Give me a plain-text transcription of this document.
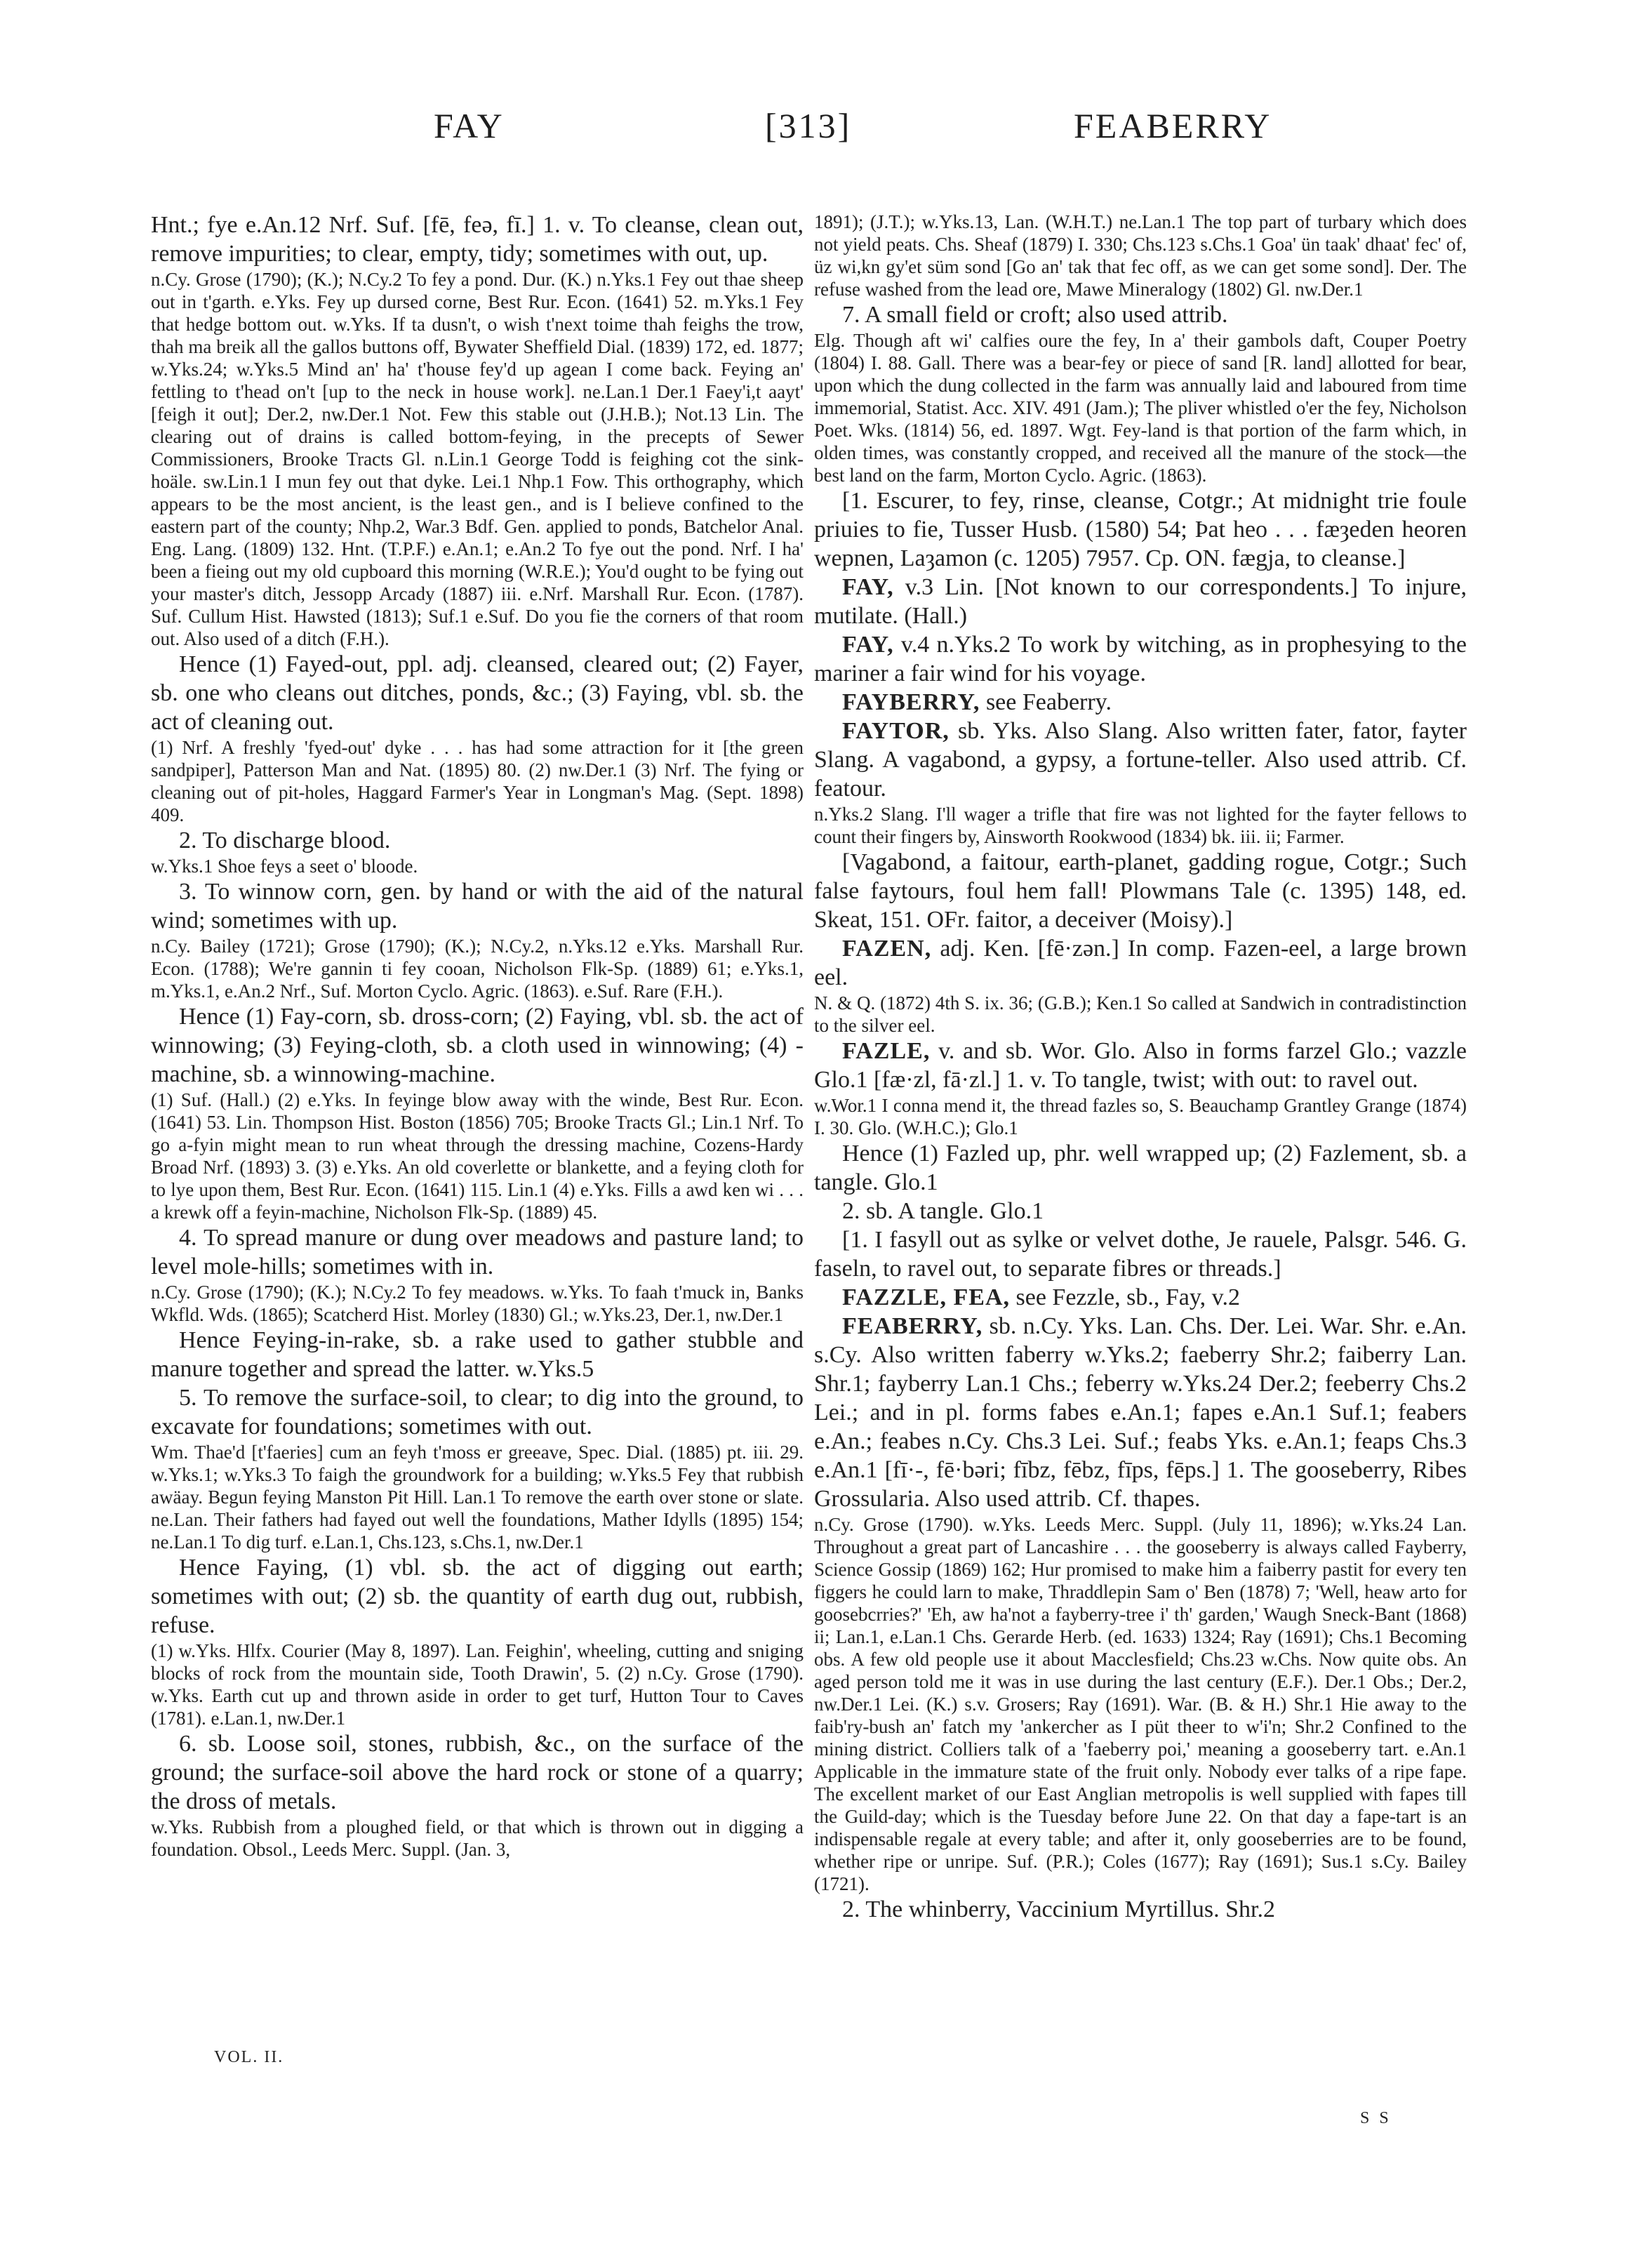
FAY	[313]	FEABERRY

Hnt.; fye e.An.12 Nrf. Suf. [fē, feə, fī.] 1. v. To cleanse, clean out, remove impurities; to clear, empty, tidy; sometimes with out, up.

n.Cy. Grose (1790); (K.); N.Cy.2 To fey a pond. Dur. (K.) n.Yks.1 Fey out thae sheep out in t'garth. e.Yks. Fey up dursed corne, Best Rur. Econ. (1641) 52. m.Yks.1 Fey that hedge bottom out. w.Yks. If ta dusn't, o wish t'next toime thah feighs the trow, thah ma breik all the gallos buttons off, Bywater Sheffield Dial. (1839) 172, ed. 1877; w.Yks.24; w.Yks.5 Mind an' ha' t'house fey'd up agean I come back. Feying an' fettling to t'head on't [up to the neck in house work]. ne.Lan.1 Der.1 Faey'i,t aayt' [feigh it out]; Der.2, nw.Der.1 Not. Few this stable out (J.H.B.); Not.13 Lin. The clearing out of drains is called bottom-feying, in the precepts of Sewer Commissioners, Brooke Tracts Gl. n.Lin.1 George Todd is feighing cot the sink-hoäle. sw.Lin.1 I mun fey out that dyke. Lei.1 Nhp.1 Fow. This orthography, which appears to be the most ancient, is the least gen., and is I believe confined to the eastern part of the county; Nhp.2, War.3 Bdf. Gen. applied to ponds, Batchelor Anal. Eng. Lang. (1809) 132. Hnt. (T.P.F.) e.An.1; e.An.2 To fye out the pond. Nrf. I ha' been a fieing out my old cupboard this morning (W.R.E.); You'd ought to be fying out your master's ditch, Jessopp Arcady (1887) iii. e.Nrf. Marshall Rur. Econ. (1787). Suf. Cullum Hist. Hawsted (1813); Suf.1 e.Suf. Do you fie the corners of that room out. Also used of a ditch (F.H.).

Hence (1) Fayed-out, ppl. adj. cleansed, cleared out; (2) Fayer, sb. one who cleans out ditches, ponds, &c.; (3) Faying, vbl. sb. the act of cleaning out.

(1) Nrf. A freshly 'fyed-out' dyke . . . has had some attraction for it [the green sandpiper], Patterson Man and Nat. (1895) 80. (2) nw.Der.1 (3) Nrf. The fying or cleaning out of pit-holes, Haggard Farmer's Year in Longman's Mag. (Sept. 1898) 409.

2. To discharge blood.

w.Yks.1 Shoe feys a seet o' bloode.

3. To winnow corn, gen. by hand or with the aid of the natural wind; sometimes with up.

n.Cy. Bailey (1721); Grose (1790); (K.); N.Cy.2, n.Yks.12 e.Yks. Marshall Rur. Econ. (1788); We're gannin ti fey cooan, Nicholson Flk-Sp. (1889) 61; e.Yks.1, m.Yks.1, e.An.2 Nrf., Suf. Morton Cyclo. Agric. (1863). e.Suf. Rare (F.H.).

Hence (1) Fay-corn, sb. dross-corn; (2) Faying, vbl. sb. the act of winnowing; (3) Feying-cloth, sb. a cloth used in winnowing; (4) -machine, sb. a winnowing-machine.

(1) Suf. (Hall.) (2) e.Yks. In feyinge blow away with the winde, Best Rur. Econ. (1641) 53. Lin. Thompson Hist. Boston (1856) 705; Brooke Tracts Gl.; Lin.1 Nrf. To go a-fyin might mean to run wheat through the dressing machine, Cozens-Hardy Broad Nrf. (1893) 3. (3) e.Yks. An old coverlette or blankette, and a feying cloth for to lye upon them, Best Rur. Econ. (1641) 115. Lin.1 (4) e.Yks. Fills a awd ken wi . . . a krewk off a feyin-machine, Nicholson Flk-Sp. (1889) 45.

4. To spread manure or dung over meadows and pasture land; to level mole-hills; sometimes with in.

n.Cy. Grose (1790); (K.); N.Cy.2 To fey meadows. w.Yks. To faah t'muck in, Banks Wkfld. Wds. (1865); Scatcherd Hist. Morley (1830) Gl.; w.Yks.23, Der.1, nw.Der.1

Hence Feying-in-rake, sb. a rake used to gather stubble and manure together and spread the latter. w.Yks.5

5. To remove the surface-soil, to clear; to dig into the ground, to excavate for foundations; sometimes with out.

Wm. Thae'd [t'faeries] cum an feyh t'moss er greeave, Spec. Dial. (1885) pt. iii. 29. w.Yks.1; w.Yks.3 To faigh the groundwork for a building; w.Yks.5 Fey that rubbish awäay. Begun feying Manston Pit Hill. Lan.1 To remove the earth over stone or slate. ne.Lan. Their fathers had fayed out well the foundations, Mather Idylls (1895) 154; ne.Lan.1 To dig turf. e.Lan.1, Chs.123, s.Chs.1, nw.Der.1

Hence Faying, (1) vbl. sb. the act of digging out earth; sometimes with out; (2) sb. the quantity of earth dug out, rubbish, refuse.

(1) w.Yks. Hlfx. Courier (May 8, 1897). Lan. Feighin', wheeling, cutting and sniging blocks of rock from the mountain side, Tooth Drawin', 5. (2) n.Cy. Grose (1790). w.Yks. Earth cut up and thrown aside in order to get turf, Hutton Tour to Caves (1781). e.Lan.1, nw.Der.1

6. sb. Loose soil, stones, rubbish, &c., on the surface of the ground; the surface-soil above the hard rock or stone of a quarry; the dross of metals.

w.Yks. Rubbish from a ploughed field, or that which is thrown out in digging a foundation. Obsol., Leeds Merc. Suppl. (Jan. 3,

1891); (J.T.); w.Yks.13, Lan. (W.H.T.) ne.Lan.1 The top part of turbary which does not yield peats. Chs. Sheaf (1879) I. 330; Chs.123 s.Chs.1 Goa' ün taak' dhaat' fec' of, üz wi,kn gy'et süm sond [Go an' tak that fec off, as we can get some sond]. Der. The refuse washed from the lead ore, Mawe Mineralogy (1802) Gl. nw.Der.1

7. A small field or croft; also used attrib.

Elg. Though aft wi' calfies oure the fey, In a' their gambols daft, Couper Poetry (1804) I. 88. Gall. There was a bear-fey or piece of sand [R. land] allotted for bear, upon which the dung collected in the farm was annually laid and laboured from time immemorial, Statist. Acc. XIV. 491 (Jam.); The pliver whistled o'er the fey, Nicholson Poet. Wks. (1814) 56, ed. 1897. Wgt. Fey-land is that portion of the farm which, in olden times, was constantly cropped, and received all the manure of the stock—the best land on the farm, Morton Cyclo. Agric. (1863).

[1. Escurer, to fey, rinse, cleanse, Cotgr.; At midnight trie foule priuies to fie, Tusser Husb. (1580) 54; Þat heo . . . fæȝeden heoren wepnen, Laȝamon (c. 1205) 7957. Cp. ON. fægja, to cleanse.]

FAY, v.3 Lin. [Not known to our correspondents.] To injure, mutilate. (Hall.)

FAY, v.4 n.Yks.2 To work by witching, as in prophesying to the mariner a fair wind for his voyage.

FAYBERRY, see Feaberry.

FAYTOR, sb. Yks. Also Slang. Also written fater, fator, fayter Slang. A vagabond, a gypsy, a fortune-teller. Also used attrib. Cf. featour.

n.Yks.2 Slang. I'll wager a trifle that fire was not lighted for the fayter fellows to count their fingers by, Ainsworth Rookwood (1834) bk. iii. ii; Farmer.

[Vagabond, a faitour, earth-planet, gadding rogue, Cotgr.; Such false faytours, foul hem fall! Plowmans Tale (c. 1395) 148, ed. Skeat, 151. OFr. faitor, a deceiver (Moisy).]

FAZEN, adj. Ken. [fē·zən.] In comp. Fazen-eel, a large brown eel.

N. & Q. (1872) 4th S. ix. 36; (G.B.); Ken.1 So called at Sandwich in contradistinction to the silver eel.

FAZLE, v. and sb. Wor. Glo. Also in forms farzel Glo.; vazzle Glo.1 [fæ·zl, fā·zl.] 1. v. To tangle, twist; with out: to ravel out.

w.Wor.1 I conna mend it, the thread fazles so, S. Beauchamp Grantley Grange (1874) I. 30. Glo. (W.H.C.); Glo.1

Hence (1) Fazled up, phr. well wrapped up; (2) Fazlement, sb. a tangle. Glo.1

2. sb. A tangle. Glo.1

[1. I fasyll out as sylke or velvet dothe, Je rauele, Palsgr. 546. G. faseln, to ravel out, to separate fibres or threads.]

FAZZLE, FEA, see Fezzle, sb., Fay, v.2

FEABERRY, sb. n.Cy. Yks. Lan. Chs. Der. Lei. War. Shr. e.An. s.Cy. Also written faberry w.Yks.2; faeberry Shr.2; faiberry Lan. Shr.1; fayberry Lan.1 Chs.; feberry w.Yks.24 Der.2; feeberry Chs.2 Lei.; and in pl. forms fabes e.An.1; fapes e.An.1 Suf.1; feabers e.An.; feabes n.Cy. Chs.3 Lei. Suf.; feabs Yks. e.An.1; feaps Chs.3 e.An.1 [fī·-, fē·bəri; fībz, fēbz, fīps, fēps.] 1. The gooseberry, Ribes Grossularia. Also used attrib. Cf. thapes.

n.Cy. Grose (1790). w.Yks. Leeds Merc. Suppl. (July 11, 1896); w.Yks.24 Lan. Throughout a great part of Lancashire . . . the gooseberry is always called Fayberry, Science Gossip (1869) 162; Hur promised to make him a faiberry pastit for every ten figgers he could larn to make, Thraddlepin Sam o' Ben (1878) 7; 'Well, heaw arto for goosebcrries?' 'Eh, aw ha'not a fayberry-tree i' th' garden,' Waugh Sneck-Bant (1868) ii; Lan.1, e.Lan.1 Chs. Gerarde Herb. (ed. 1633) 1324; Ray (1691); Chs.1 Becoming obs. A few old people use it about Macclesfield; Chs.23 w.Chs. Now quite obs. An aged person told me it was in use during the last century (E.F.). Der.1 Obs.; Der.2, nw.Der.1 Lei. (K.) s.v. Grosers; Ray (1691). War. (B. & H.) Shr.1 Hie away to the faib'ry-bush an' fatch my 'ankercher as I püt theer to w'i'n; Shr.2 Confined to the mining district. Colliers talk of a 'faeberry poi,' meaning a gooseberry tart. e.An.1 Applicable in the immature state of the fruit only. Nobody ever talks of a ripe fape. The excellent market of our East Anglian metropolis is well supplied with fapes till the Guild-day; which is the Tuesday before June 22. On that day a fape-tart is an indispensable regale at every table; and after it, only gooseberries are to be found, whether ripe or unripe. Suf. (P.R.); Coles (1677); Ray (1691); Sus.1 s.Cy. Bailey (1721).

2. The whinberry, Vaccinium Myrtillus. Shr.2

VOL. II.
S S
